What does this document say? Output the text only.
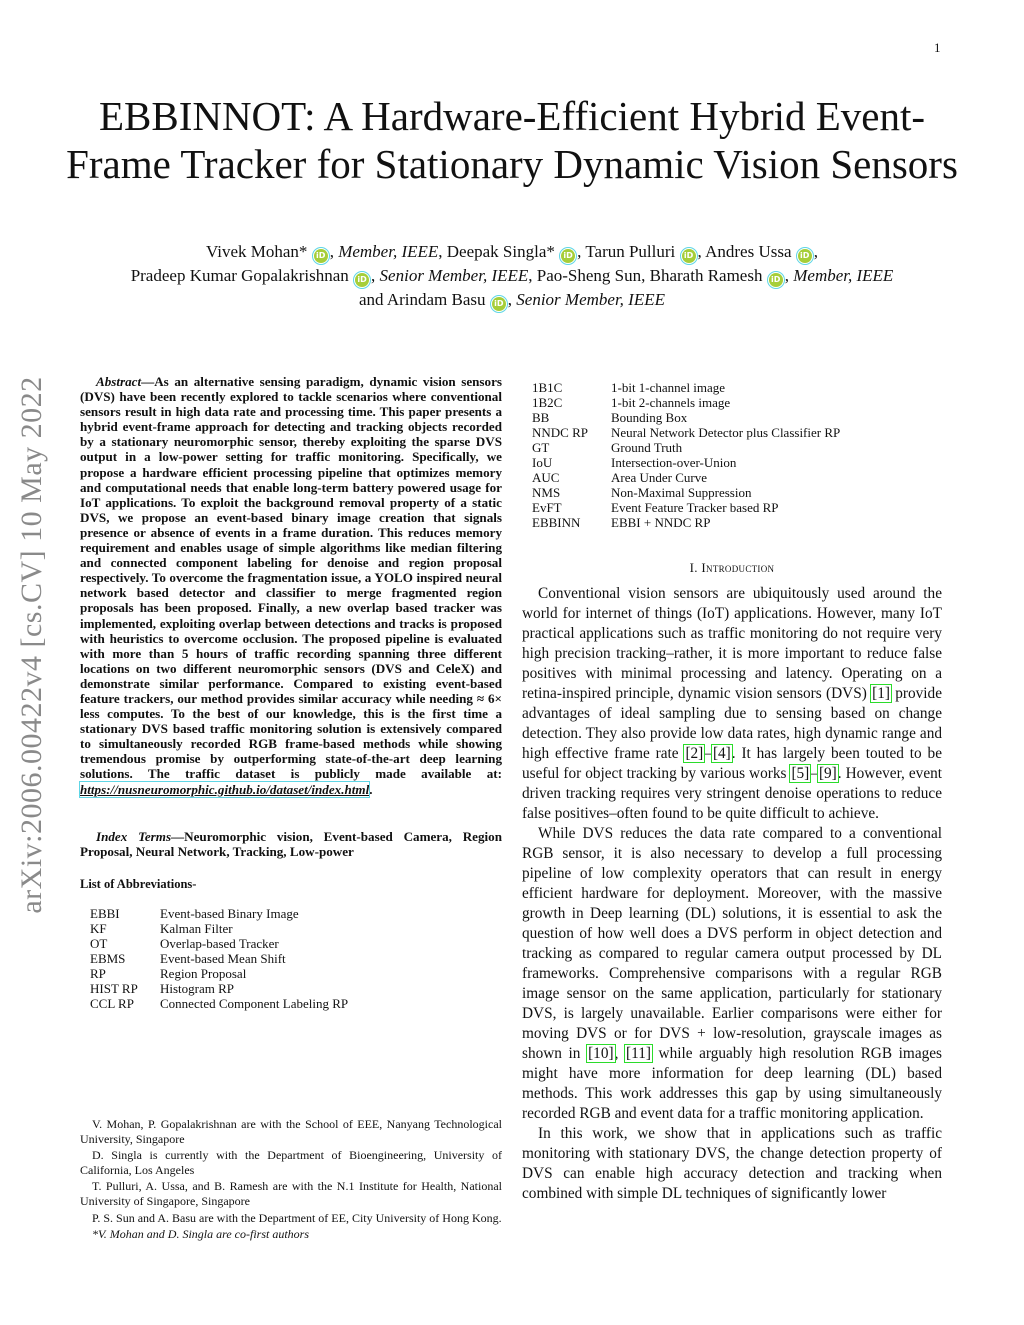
1
EBBINNOT: A Hardware-Efficient Hybrid Event-Frame Tracker for Stationary Dynamic Vision Sensors
Vivek Mohan* iD , Member, IEEE, Deepak Singla* iD , Tarun Pulluri iD , Andres Ussa iD ,
Pradeep Kumar Gopalakrishnan iD , Senior Member, IEEE, Pao-Sheng Sun, Bharath Ramesh iD , Member, IEEE
and Arindam Basu iD , Senior Member, IEEE
arXiv:2006.00422v4 [cs.CV] 10 May 2022	Abstract—As an alternative sensing paradigm, dynamic vision sensors (DVS) have been recently explored to tackle scenarios where conventional sensors result in high data rate and processing time. This paper presents a hybrid event-frame approach for detecting and tracking objects recorded by a stationary neuromorphic sensor, thereby exploiting the sparse DVS output in a low-power setting for traffic monitoring. Specifically, we propose a hardware efficient processing pipeline that optimizes memory and computational needs that enable long-term battery powered usage for IoT applications. To exploit the background removal property of a static DVS, we propose an event-based binary image creation that signals presence or absence of events in a frame duration. This reduces memory requirement and enables usage of simple algorithms like median filtering and connected component labeling for denoise and region proposal respectively. To overcome the fragmentation issue, a YOLO inspired neural network based detector and classifier to merge fragmented region proposals has been proposed. Finally, a new overlap based tracker was implemented, exploiting overlap between detections and tracks is proposed with heuristics to overcome occlusion. The proposed pipeline is evaluated with more than 5 hours of traffic recording spanning three different locations on two different neuromorphic sensors (DVS and CeleX) and demonstrate similar performance. Compared to existing event-based feature trackers, our method provides similar accuracy while needing ≈ 6× less computes. To the best of our knowledge, this is the first time a stationary DVS based traffic monitoring solution is extensively compared to simultaneously recorded RGB frame-based methods while showing tremendous promise by outperforming state-of-the-art deep learning solutions. The traffic dataset is publicly made available at: https://nusneuromorphic.github.io/dataset/index.html.

Index Terms—Neuromorphic vision, Event-based Camera, Region Proposal, Neural Network, Tracking, Low-power

List of Abbreviations-

EBBI	Event-based Binary Image
KF	Kalman Filter
OT	Overlap-based Tracker
EBMS	Event-based Mean Shift
RP	Region Proposal
HIST RP	Histogram RP
CCL RP	Connected Component Labeling RP

V. Mohan, P. Gopalakrishnan are with the School of EEE, Nanyang Technological University, Singapore

D. Singla is currently with the Department of Bioengineering, University of California, Los Angeles

T. Pulluri, A. Ussa, and B. Ramesh are with the N.1 Institute for Health, National University of Singapore, Singapore

P. S. Sun and A. Basu are with the Department of EE, City University of Hong Kong.

*V. Mohan and D. Singla are co-first authors

1B1C	1-bit 1-channel image
1B2C	1-bit 2-channels image
BB	Bounding Box
NNDC RP	Neural Network Detector plus Classifier RP
GT	Ground Truth
IoU	Intersection-over-Union
AUC	Area Under Curve
NMS	Non-Maximal Suppression
EvFT	Event Feature Tracker based RP
EBBINN	EBBI + NNDC RP
I. Introduction

Conventional vision sensors are ubiquitously used around the world for internet of things (IoT) applications. However, many IoT practical applications such as traffic monitoring do not require very high precision tracking–rather, it is more important to reduce false positives with minimal processing and latency. Operating on a retina-inspired principle, dynamic vision sensors (DVS) [1] provide advantages of ideal sampling due to sensing based on change detection. They also provide low data rates, high dynamic range and high effective frame rate [2]–[4]. It has largely been touted to be useful for object tracking by various works [5]–[9]. However, event driven tracking requires very stringent denoise operations to reduce false positives–often found to be quite difficult to achieve.

While DVS reduces the data rate compared to a conventional RGB sensor, it is also necessary to develop a full processing pipeline of low complexity operators that can result in energy efficient hardware for deployment. Moreover, with the massive growth in Deep learning (DL) solutions, it is essential to ask the question of how well does a DVS perform in object detection and tracking as compared to regular camera output processed by DL frameworks. Comprehensive comparisons with a regular RGB image sensor on the same application, particularly for stationary DVS, is largely unavailable. Earlier comparisons were either for moving DVS or for DVS + low-resolution, grayscale images as shown in [10], [11] while arguably high resolution RGB images might have more information for deep learning (DL) based methods. This work addresses this gap by using simultaneously recorded RGB and event data for a traffic monitoring application.

In this work, we show that in applications such as traffic monitoring with stationary DVS, the change detection property of DVS can enable high accuracy detection and tracking when combined with simple DL techniques of significantly lower
